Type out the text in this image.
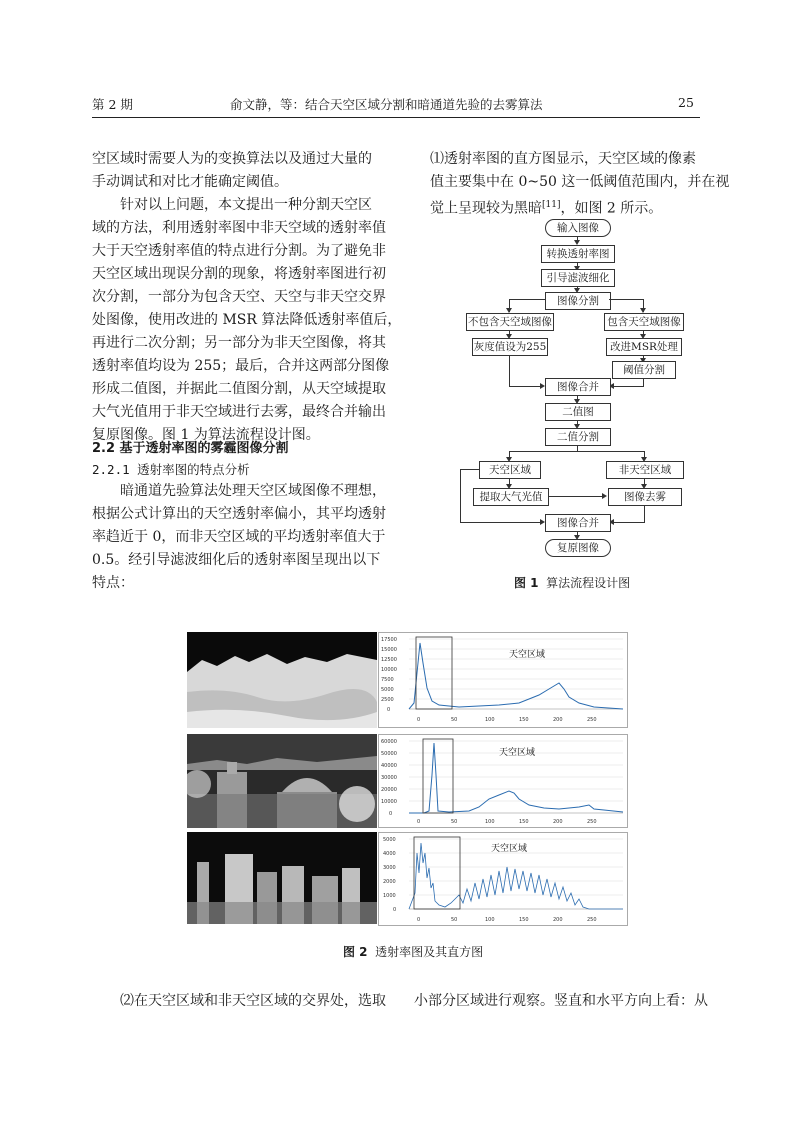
第 2 期	俞文静，等：结合天空区域分割和暗通道先验的去雾算法	25
空区域时需要人为的变换算法以及通过大量的
手动调试和对比才能确定阈值。
针对以上问题，本文提出一种分割天空区
域的方法，利用透射率图中非天空域的透射率值
大于天空透射率值的特点进行分割。为了避免非
天空区域出现误分割的现象，将透射率图进行初
次分割，一部分为包含天空、天空与非天空交界
处图像，使用改进的 MSR 算法降低透射率值后，
再进行二次分割；另一部分为非天空图像，将其
透射率值均设为 255；最后，合并这两部分图像
形成二值图，并据此二值图分割，从天空域提取
大气光值用于非天空域进行去雾，最终合并输出
复原图像。图 1 为算法流程设计图。
2.2 基于透射率图的雾霾图像分割
2.2.1 透射率图的特点分析
暗通道先验算法处理天空区域图像不理想，
根据公式计算出的天空透射率偏小，其平均透射
率趋近于 0，而非天空区域的平均透射率值大于
0.5。经引导滤波细化后的透射率图呈现出以下
特点：
⑴透射率图的直方图显示，天空区域的像素
值主要集中在 0~50 这一低阈值范围内，并在视
觉上呈现较为黑暗[11]，如图 2 所示。
输入图像
转换透射率图
引导滤波细化
图像分割
不包含天空域图像	包含天空域图像
灰度值设为255	改进MSR处理
阈值分割
图像合并
二值图
二值分割
天空区域	非天空区域
提取大气光值	图像去雾
图像合并
复原图像
图 1 算法流程设计图
17500
15000
12500
10000
7500
5000
2500
0
0	50	100	150	200	250
天空区域
60000
50000
40000
30000
20000
10000
0
0	50	100	150	200	250
天空区域
5000
4000
3000
2000
1000
0
0	50	100	150	200	250
天空区域
图 2 透射率图及其直方图
⑵在天空区域和非天空区域的交界处，选取 小部分区域进行观察。竖直和水平方向上看：从
